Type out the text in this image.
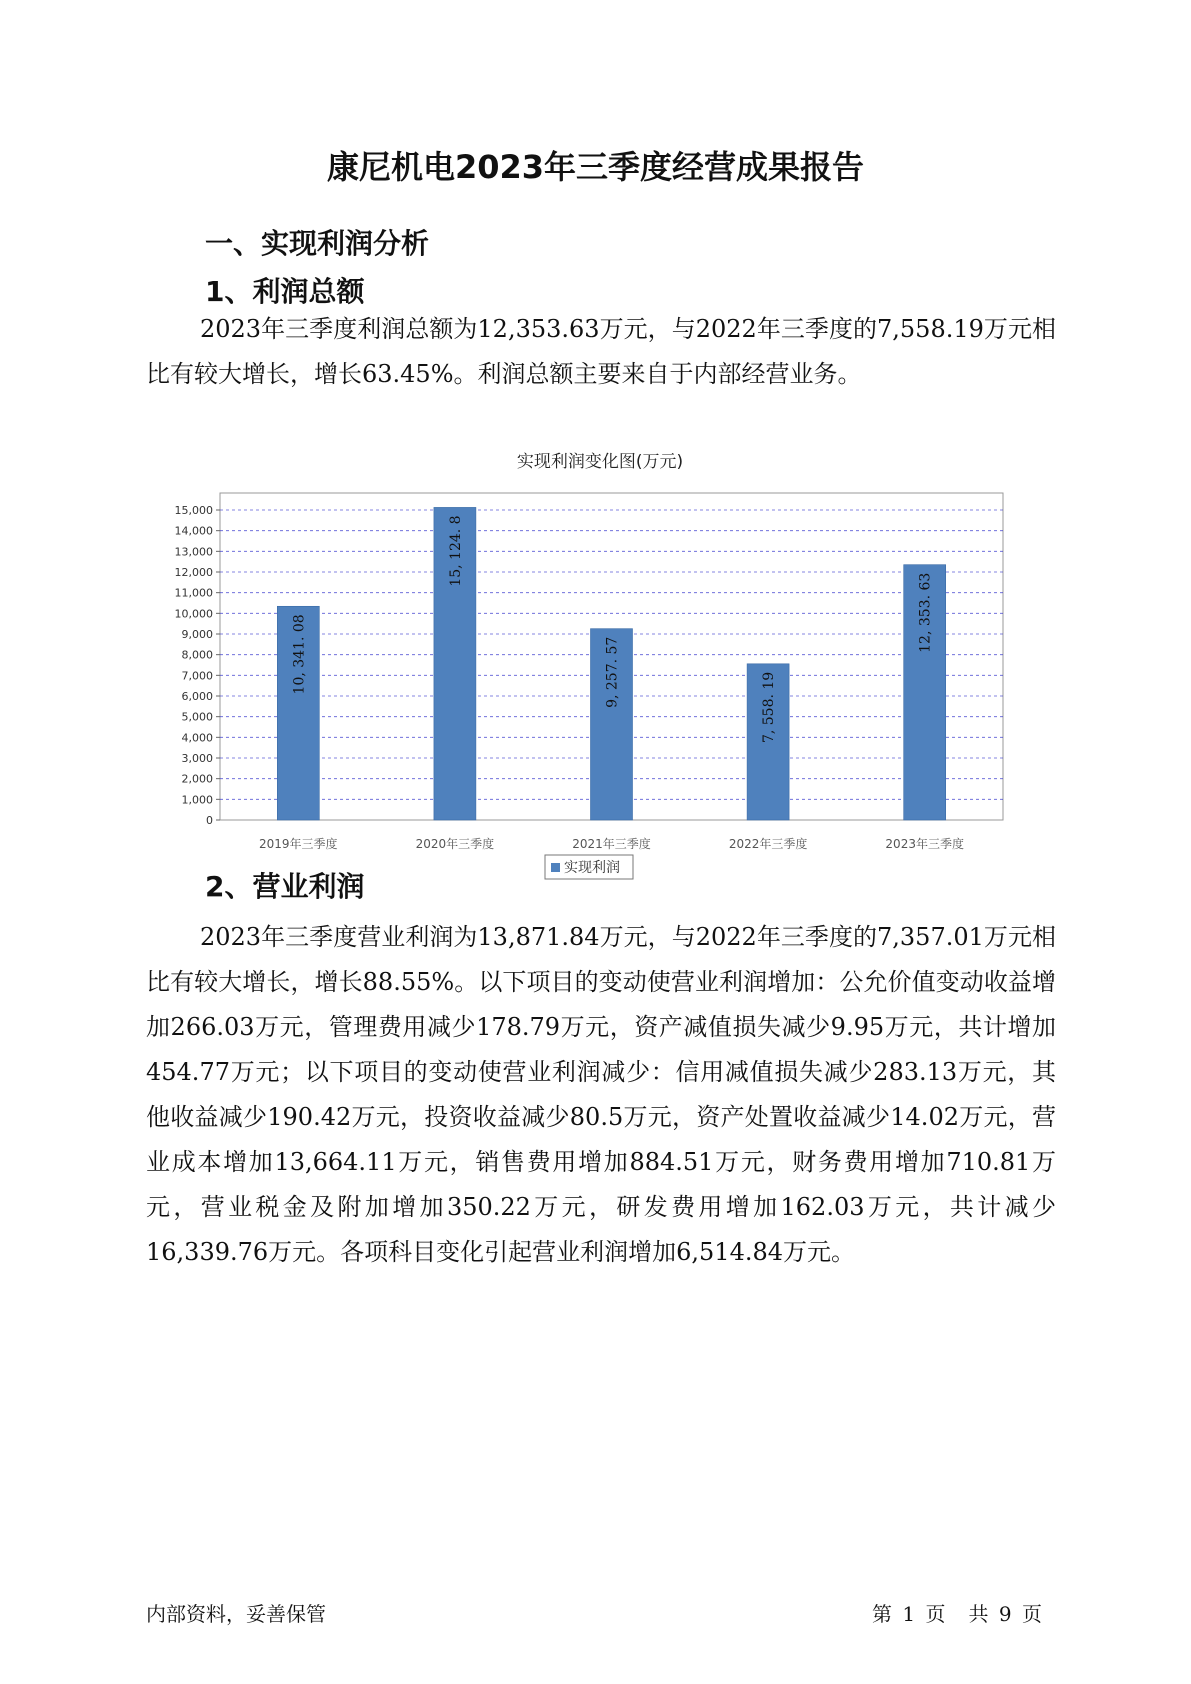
康尼机电2023年三季度经营成果报告
一、实现利润分析
1、利润总额
2023年三季度利润总额为12,353.63万元，与2022年三季度的7,558.19万元相比有较大增长，增长63.45%。利润总额主要来自于内部经营业务。
实现利润变化图(万元)
0
1,000
2,000
3,000
4,000
5,000
6,000
7,000
8,000
9,000
10,000
11,000
12,000
13,000
14,000
15,000
10, 341. 08
2019年三季度
15, 124. 8
2020年三季度
9, 257. 57
2021年三季度
7, 558. 19
2022年三季度
12, 353. 63
2023年三季度
实现利润
2、营业利润
2023年三季度营业利润为13,871.84万元，与2022年三季度的7,357.01万元相比有较大增长，增长88.55%。以下项目的变动使营业利润增加：公允价值变动收益增加266.03万元，管理费用减少178.79万元，资产减值损失减少9.95万元，共计增加454.77万元；以下项目的变动使营业利润减少：信用减值损失减少283.13万元，其他收益减少190.42万元，投资收益减少80.5万元，资产处置收益减少14.02万元，营业成本增加13,664.11万元，销售费用增加884.51万元，财务费用增加710.81万元，营业税金及附加增加350.22万元，研发费用增加162.03万元，共计减少16,339.76万元。各项科目变化引起营业利润增加6,514.84万元。
内部资料，妥善保管	第 1 页 共 9 页
